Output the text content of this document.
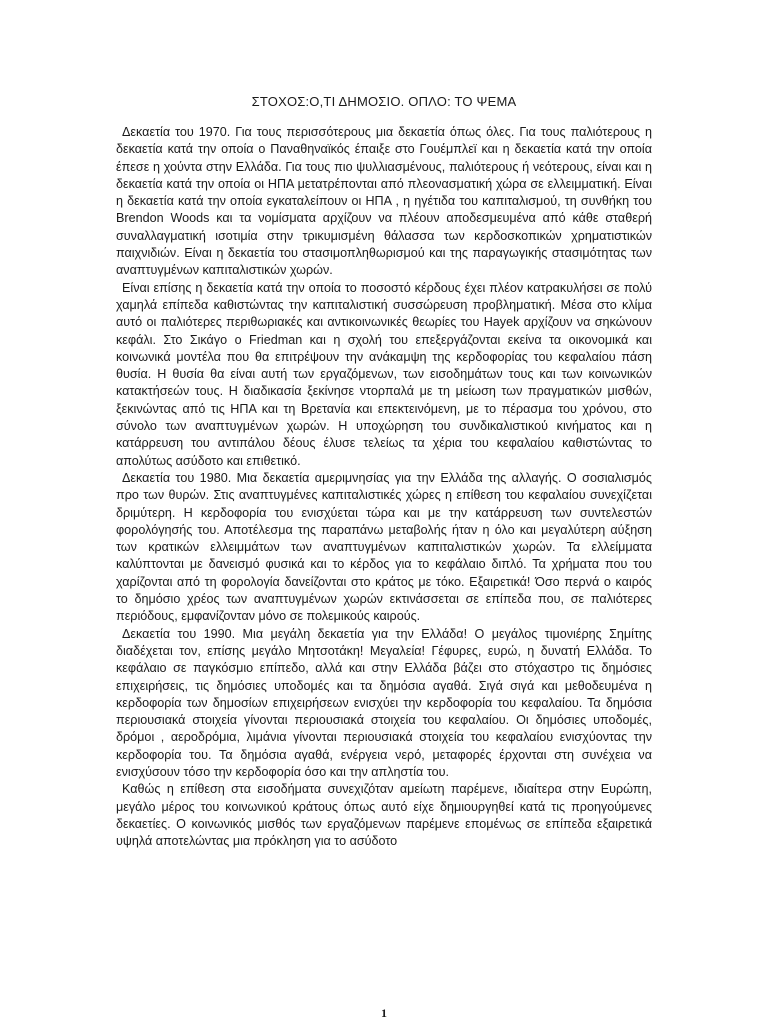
ΣΤΟΧΟΣ:Ο,ΤΙ ΔΗΜΟΣΙΟ. ΟΠΛΟ: ΤΟ ΨΕΜΑ

Δεκαετία του 1970. Για τους περισσότερους μια δεκαετία όπως όλες. Για τους παλιότερους η δεκαετία κατά την οποία ο Παναθηναϊκός έπαιξε στο Γουέμπλεϊ και η δεκαετία κατά την οποία έπεσε η χούντα στην Ελλάδα. Για τους πιο ψυλλιασμένους, παλιότερους ή νεότερους, είναι και η δεκαετία κατά την οποία οι ΗΠΑ μετατρέπονται από πλεονασματική χώρα σε ελλειμματική. Είναι η δεκαετία κατά την οποία εγκαταλείπουν οι ΗΠΑ , η ηγέτιδα του καπιταλισμού, τη συνθήκη του Brendon Woods και τα νομίσματα αρχίζουν να πλέουν αποδεσμευμένα από κάθε σταθερή συναλλαγματική ισοτιμία στην τρικυμισμένη θάλασσα των κερδοσκοπικών χρηματιστικών παιχνιδιών. Είναι η δεκαετία του στασιμοπληθωρισμού και της παραγωγικής στασιμότητας των αναπτυγμένων καπιταλιστικών χωρών.

Είναι επίσης η δεκαετία κατά την οποία το ποσοστό κέρδους έχει πλέον κατρακυλήσει σε πολύ χαμηλά επίπεδα καθιστώντας την καπιταλιστική συσσώρευση προβληματική. Μέσα στο κλίμα αυτό οι παλιότερες περιθωριακές και αντικοινωνικές θεωρίες του Hayek αρχίζουν να σηκώνουν κεφάλι. Στο Σικάγο ο Friedman και η σχολή του επεξεργάζονται εκείνα τα οικονομικά και κοινωνικά μοντέλα που θα επιτρέψουν την ανάκαμψη της κερδοφορίας του κεφαλαίου πάση θυσία. Η θυσία θα είναι αυτή των εργαζόμενων, των εισοδημάτων τους και των κοινωνικών κατακτήσεών τους. Η διαδικασία ξεκίνησε ντορπαλά με τη μείωση των πραγματικών μισθών, ξεκινώντας από τις ΗΠΑ και τη Βρετανία και επεκτεινόμενη, με το πέρασμα του χρόνου, στο σύνολο των αναπτυγμένων χωρών. Η υποχώρηση του συνδικαλιστικού κινήματος και η κατάρρευση του αντιπάλου δέους έλυσε τελείως τα χέρια του κεφαλαίου καθιστώντας το απολύτως ασύδοτο και επιθετικό.

Δεκαετία του 1980. Μια δεκαετία αμεριμνησίας για την Ελλάδα της αλλαγής. Ο σοσιαλισμός προ των θυρών. Στις αναπτυγμένες καπιταλιστικές χώρες η επίθεση του κεφαλαίου συνεχίζεται δριμύτερη. Η κερδοφορία του ενισχύεται τώρα και με την κατάρρευση των συντελεστών φορολόγησής του. Αποτέλεσμα της παραπάνω μεταβολής ήταν η όλο και μεγαλύτερη αύξηση των κρατικών ελλειμμάτων των αναπτυγμένων καπιταλιστικών χωρών. Τα ελλείμματα καλύπτονται με δανεισμό φυσικά και το κέρδος για το κεφάλαιο διπλό. Τα χρήματα που του χαρίζονται από τη φορολογία δανείζονται στο κράτος με τόκο. Εξαιρετικά! Όσο περνά ο καιρός το δημόσιο χρέος των αναπτυγμένων χωρών εκτινάσσεται σε επίπεδα που, σε παλιότερες περιόδους, εμφανίζονταν μόνο σε πολεμικούς καιρούς.

Δεκαετία του 1990. Μια μεγάλη δεκαετία για την Ελλάδα! Ο μεγάλος τιμονιέρης Σημίτης διαδέχεται τον, επίσης μεγάλο Μητσοτάκη! Μεγαλεία! Γέφυρες, ευρώ, η δυνατή Ελλάδα. Το κεφάλαιο σε παγκόσμιο επίπεδο, αλλά και στην Ελλάδα βάζει στο στόχαστρο τις δημόσιες επιχειρήσεις, τις δημόσιες υποδομές και τα δημόσια αγαθά. Σιγά σιγά και μεθοδευμένα η κερδοφορία των δημοσίων επιχειρήσεων ενισχύει την κερδοφορία του κεφαλαίου. Τα δημόσια περιουσιακά στοιχεία γίνονται περιουσιακά στοιχεία του κεφαλαίου. Οι δημόσιες υποδομές, δρόμοι , αεροδρόμια, λιμάνια γίνονται περιουσιακά στοιχεία του κεφαλαίου ενισχύοντας την κερδοφορία του. Τα δημόσια αγαθά, ενέργεια νερό, μεταφορές έρχονται στη συνέχεια να ενισχύσουν τόσο την κερδοφορία όσο και την απληστία του.

Καθώς η επίθεση στα εισοδήματα συνεχιζόταν αμείωτη παρέμενε, ιδιαίτερα στην Ευρώπη, μεγάλο μέρος του κοινωνικού κράτους όπως αυτό είχε δημιουργηθεί κατά τις προηγούμενες δεκαετίες. Ο κοινωνικός μισθός των εργαζόμενων παρέμενε επομένως σε επίπεδα εξαιρετικά υψηλά αποτελώντας μια πρόκληση για το ασύδοτο

1
